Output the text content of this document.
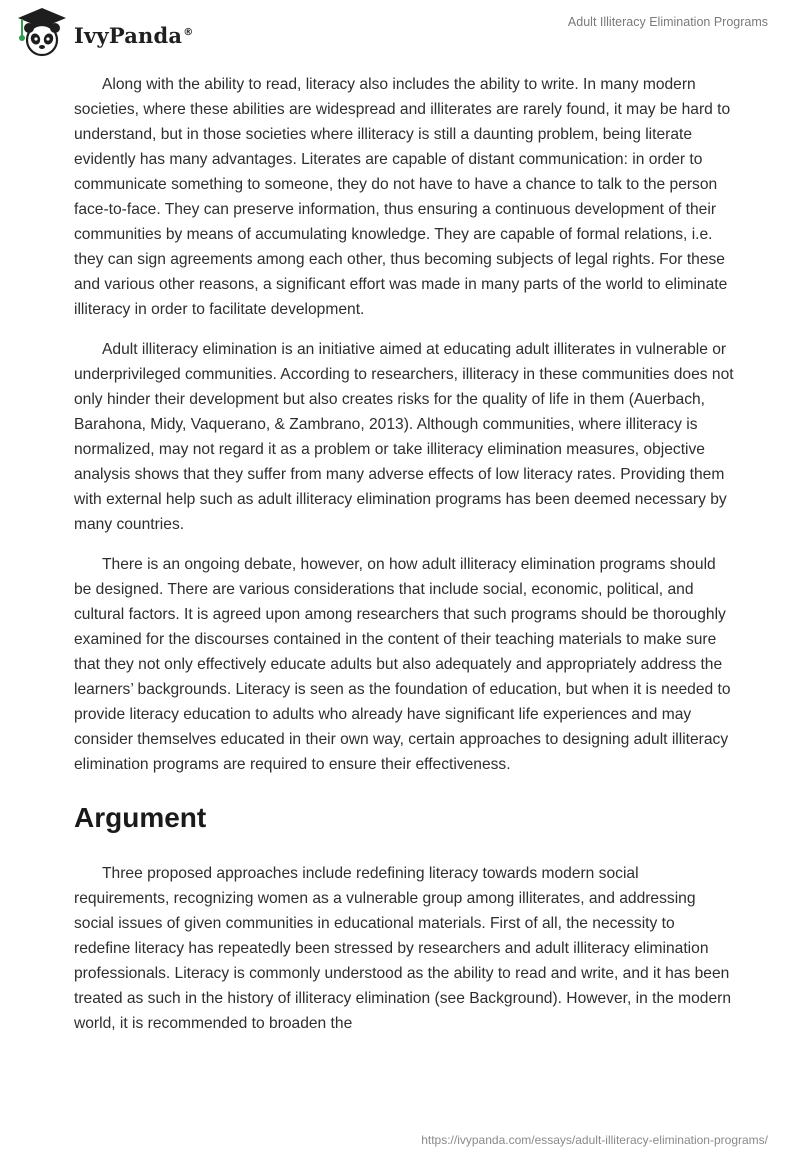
IvyPanda®
Adult Illiteracy Elimination Programs

Along with the ability to read, literacy also includes the ability to write. In many modern societies, where these abilities are widespread and illiterates are rarely found, it may be hard to understand, but in those societies where illiteracy is still a daunting problem, being literate evidently has many advantages. Literates are capable of distant communication: in order to communicate something to someone, they do not have to have a chance to talk to the person face-to-face. They can preserve information, thus ensuring a continuous development of their communities by means of accumulating knowledge. They are capable of formal relations, i.e. they can sign agreements among each other, thus becoming subjects of legal rights. For these and various other reasons, a significant effort was made in many parts of the world to eliminate illiteracy in order to facilitate development.

Adult illiteracy elimination is an initiative aimed at educating adult illiterates in vulnerable or underprivileged communities. According to researchers, illiteracy in these communities does not only hinder their development but also creates risks for the quality of life in them (Auerbach, Barahona, Midy, Vaquerano, & Zambrano, 2013). Although communities, where illiteracy is normalized, may not regard it as a problem or take illiteracy elimination measures, objective analysis shows that they suffer from many adverse effects of low literacy rates. Providing them with external help such as adult illiteracy elimination programs has been deemed necessary by many countries.

There is an ongoing debate, however, on how adult illiteracy elimination programs should be designed. There are various considerations that include social, economic, political, and cultural factors. It is agreed upon among researchers that such programs should be thoroughly examined for the discourses contained in the content of their teaching materials to make sure that they not only effectively educate adults but also adequately and appropriately address the learners’ backgrounds. Literacy is seen as the foundation of education, but when it is needed to provide literacy education to adults who already have significant life experiences and may consider themselves educated in their own way, certain approaches to designing adult illiteracy elimination programs are required to ensure their effectiveness.

Argument

Three proposed approaches include redefining literacy towards modern social requirements, recognizing women as a vulnerable group among illiterates, and addressing social issues of given communities in educational materials. First of all, the necessity to redefine literacy has repeatedly been stressed by researchers and adult illiteracy elimination professionals. Literacy is commonly understood as the ability to read and write, and it has been treated as such in the history of illiteracy elimination (see Background). However, in the modern world, it is recommended to broaden the

https://ivypanda.com/essays/adult-illiteracy-elimination-programs/
